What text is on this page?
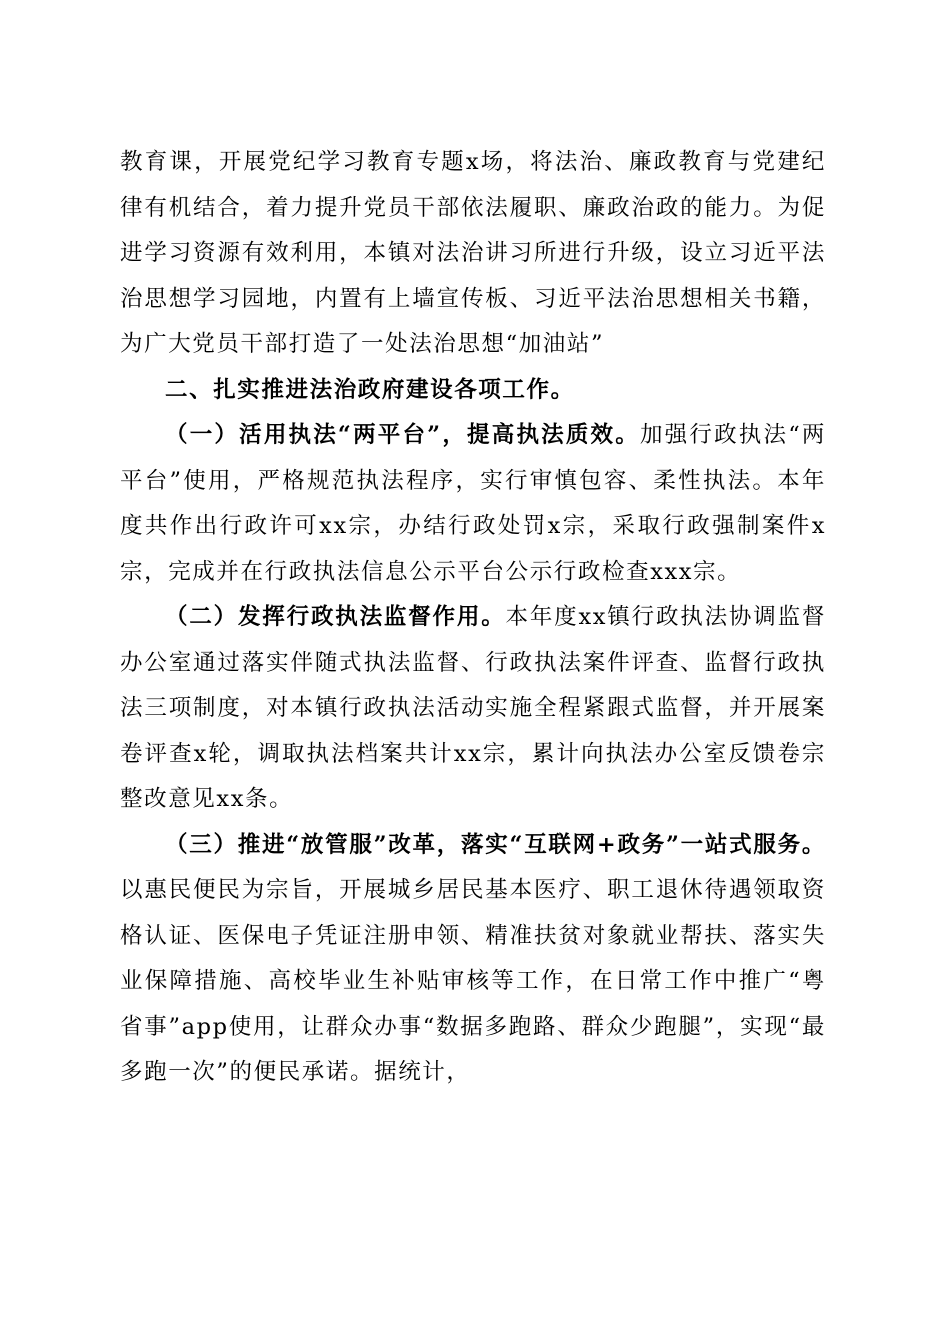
教育课，开展党纪学习教育专题x场，将法治、廉政教育与党建纪律有机结合，着力提升党员干部依法履职、廉政治政的能力。为促进学习资源有效利用，本镇对法治讲习所进行升级，设立习近平法治思想学习园地，内置有上墙宣传板、习近平法治思想相关书籍，为广大党员干部打造了一处法治思想“加油站”

二、扎实推进法治政府建设各项工作。

（一）活用执法“两平台”，提高执法质效。加强行政执法“两平台”使用，严格规范执法程序，实行审慎包容、柔性执法。本年度共作出行政许可xx宗，办结行政处罚x宗，采取行政强制案件x宗，完成并在行政执法信息公示平台公示行政检查xxx宗。

（二）发挥行政执法监督作用。本年度xx镇行政执法协调监督办公室通过落实伴随式执法监督、行政执法案件评查、监督行政执法三项制度，对本镇行政执法活动实施全程紧跟式监督，并开展案卷评查x轮，调取执法档案共计xx宗，累计向执法办公室反馈卷宗整改意见xx条。

（三）推进“放管服”改革，落实“互联网+政务”一站式服务。以惠民便民为宗旨，开展城乡居民基本医疗、职工退休待遇领取资格认证、医保电子凭证注册申领、精准扶贫对象就业帮扶、落实失业保障措施、高校毕业生补贴审核等工作，在日常工作中推广“粤省事”app使用，让群众办事“数据多跑路、群众少跑腿”，实现“最多跑一次”的便民承诺。据统计，
